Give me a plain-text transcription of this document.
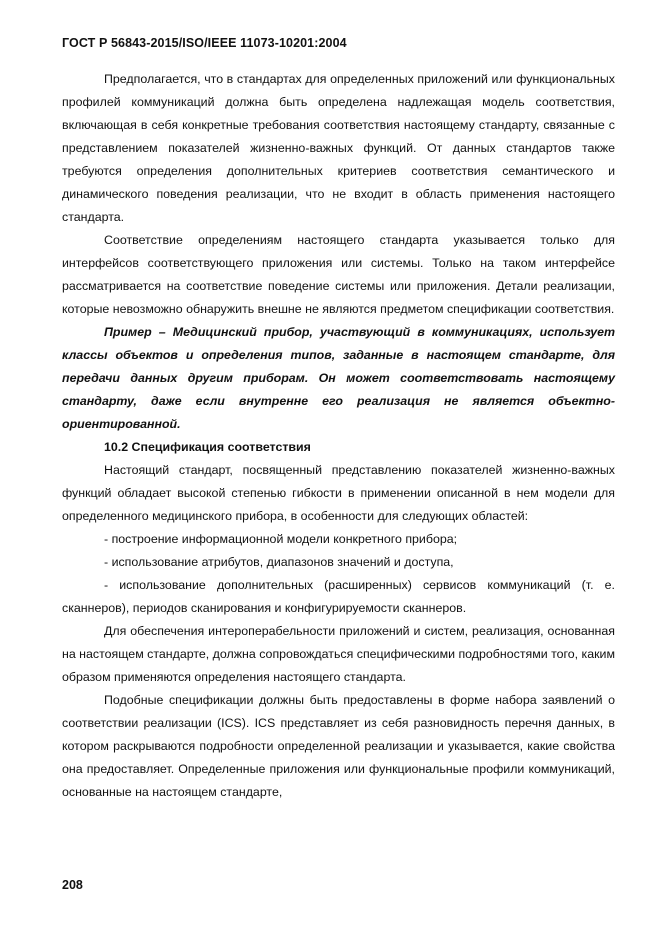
ГОСТ Р 56843-2015/ISO/IEEE 11073-10201:2004

Предполагается, что в стандартах для определенных приложений или функциональных профилей коммуникаций должна быть определена надлежащая модель соответствия, включающая в себя конкретные требования соответствия настоящему стандарту, связанные с представлением показателей жизненно-важных функций. От данных стандартов также требуются определения дополнительных критериев соответствия семантического и динамического поведения реализации, что не входит в область применения настоящего стандарта.

Соответствие определениям настоящего стандарта указывается только для интерфейсов соответствующего приложения или системы. Только на таком интерфейсе рассматривается на соответствие поведение системы или приложения. Детали реализации, которые невозможно обнаружить внешне не являются предметом спецификации соответствия.

Пример – Медицинский прибор, участвующий в коммуникациях, использует классы объектов и определения типов, заданные в настоящем стандарте, для передачи данных другим приборам. Он может соответствовать настоящему стандарту, даже если внутренне его реализация не является объектно-ориентированной.

10.2 Спецификация соответствия

Настоящий стандарт, посвященный представлению показателей жизненно-важных функций обладает высокой степенью гибкости в применении описанной в нем модели для определенного медицинского прибора, в особенности для следующих областей:

- построение информационной модели конкретного прибора;

- использование атрибутов, диапазонов значений и доступа,

- использование дополнительных (расширенных) сервисов коммуникаций (т. е. сканнеров), периодов сканирования и конфигурируемости сканнеров.

Для обеспечения интероперабельности приложений и систем, реализация, основанная на настоящем стандарте, должна сопровождаться специфическими подробностями того, каким образом применяются определения настоящего стандарта.

Подобные спецификации должны быть предоставлены в форме набора заявлений о соответствии реализации (ICS). ICS представляет из себя разновидность перечня данных, в котором раскрываются подробности определенной реализации и указывается, какие свойства она предоставляет. Определенные приложения или функциональные профили коммуникаций, основанные на настоящем стандарте,

208
